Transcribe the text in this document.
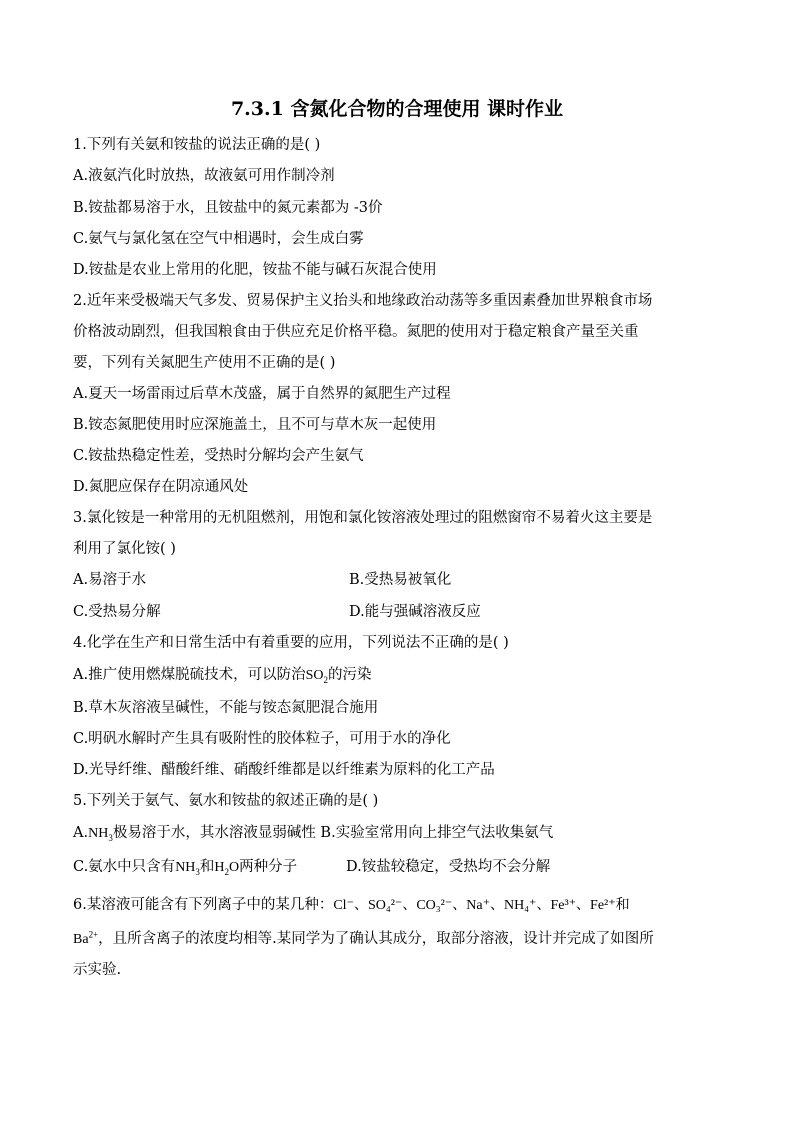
7.3.1 含氮化合物的合理使用 课时作业
1.下列有关氨和铵盐的说法正确的是( )
A.液氨汽化时放热，故液氨可用作制冷剂
B.铵盐都易溶于水，且铵盐中的氮元素都为 -3价
C.氨气与氯化氢在空气中相遇时，会生成白雾
D.铵盐是农业上常用的化肥，铵盐不能与碱石灰混合使用
2.近年来受极端天气多发、贸易保护主义抬头和地缘政治动荡等多重因素叠加世界粮食市场
价格波动剧烈，但我国粮食由于供应充足价格平稳。氮肥的使用对于稳定粮食产量至关重
要，下列有关氮肥生产使用不正确的是( )
A.夏天一场雷雨过后草木茂盛，属于自然界的氮肥生产过程
B.铵态氮肥使用时应深施盖土，且不可与草木灰一起使用
C.铵盐热稳定性差，受热时分解均会产生氨气
D.氮肥应保存在阴凉通风处
3.氯化铵是一种常用的无机阻燃剂，用饱和氯化铵溶液处理过的阻燃窗帘不易着火这主要是
利用了氯化铵( )
A.易溶于水	B.受热易被氧化
C.受热易分解	D.能与强碱溶液反应
4.化学在生产和日常生活中有着重要的应用，下列说法不正确的是( )
A.推广使用燃煤脱硫技术，可以防治$SO_2$的污染
B.草木灰溶液呈碱性，不能与铵态氮肥混合施用
C.明矾水解时产生具有吸附性的胶体粒子，可用于水的净化
D.光导纤维、醋酸纤维、硝酸纤维都是以纤维素为原料的化工产品
5.下列关于氨气、氨水和铵盐的叙述正确的是( )
$A.NH_3$极易溶于水，其水溶液显弱碱性 B.实验室常用向上排空气法收集氨气
C.氨水中只含有$NH_3$和$H_2O$两种分子	D.铵盐较稳定，受热均不会分解
6.某溶液可能含有下列离子中的某几种：Cl⁻、SO₄²⁻、CO₃²⁻、Na⁺、NH₄⁺、Fe³⁺、Fe²⁺和
$Ba^{2+}$，且所含离子的浓度均相等.某同学为了确认其成分，取部分溶液，设计并完成了如图所
示实验.
